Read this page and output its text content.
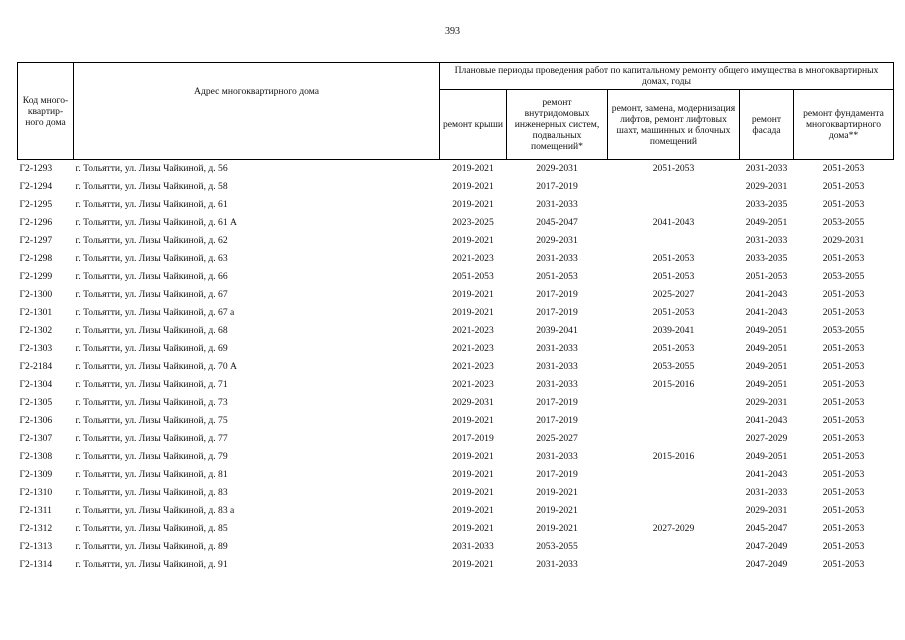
393
Код много-квартир-ного дома	Адрес многоквартирного дома	Плановые периоды проведения работ по капитальному ремонту общего имущества в многоквартирных домах, годы				
		ремонт крыши	ремонт внутридомовых инженерных систем, подвальных помещений*	ремонт, замена, модернизация лифтов, ремонт лифтовых шахт, машинных и блочных помещений	ремонт фасада	ремонт фундамента многоквартирного дома**
Г2-1293	г. Тольятти, ул. Лизы Чайкиной, д. 56	2019-2021	2029-2031	2051-2053	2031-2033	2051-2053
Г2-1294	г. Тольятти, ул. Лизы Чайкиной, д. 58	2019-2021	2017-2019		2029-2031	2051-2053
Г2-1295	г. Тольятти, ул. Лизы Чайкиной, д. 61	2019-2021	2031-2033		2033-2035	2051-2053
Г2-1296	г. Тольятти, ул. Лизы Чайкиной, д. 61 А	2023-2025	2045-2047	2041-2043	2049-2051	2053-2055
Г2-1297	г. Тольятти, ул. Лизы Чайкиной, д. 62	2019-2021	2029-2031		2031-2033	2029-2031
Г2-1298	г. Тольятти, ул. Лизы Чайкиной, д. 63	2021-2023	2031-2033	2051-2053	2033-2035	2051-2053
Г2-1299	г. Тольятти, ул. Лизы Чайкиной, д. 66	2051-2053	2051-2053	2051-2053	2051-2053	2053-2055
Г2-1300	г. Тольятти, ул. Лизы Чайкиной, д. 67	2019-2021	2017-2019	2025-2027	2041-2043	2051-2053
Г2-1301	г. Тольятти, ул. Лизы Чайкиной, д. 67 а	2019-2021	2017-2019	2051-2053	2041-2043	2051-2053
Г2-1302	г. Тольятти, ул. Лизы Чайкиной, д. 68	2021-2023	2039-2041	2039-2041	2049-2051	2053-2055
Г2-1303	г. Тольятти, ул. Лизы Чайкиной, д. 69	2021-2023	2031-2033	2051-2053	2049-2051	2051-2053
Г2-2184	г. Тольятти, ул. Лизы Чайкиной, д. 70 А	2021-2023	2031-2033	2053-2055	2049-2051	2051-2053
Г2-1304	г. Тольятти, ул. Лизы Чайкиной, д. 71	2021-2023	2031-2033	2015-2016	2049-2051	2051-2053
Г2-1305	г. Тольятти, ул. Лизы Чайкиной, д. 73	2029-2031	2017-2019		2029-2031	2051-2053
Г2-1306	г. Тольятти, ул. Лизы Чайкиной, д. 75	2019-2021	2017-2019		2041-2043	2051-2053
Г2-1307	г. Тольятти, ул. Лизы Чайкиной, д. 77	2017-2019	2025-2027		2027-2029	2051-2053
Г2-1308	г. Тольятти, ул. Лизы Чайкиной, д. 79	2019-2021	2031-2033	2015-2016	2049-2051	2051-2053
Г2-1309	г. Тольятти, ул. Лизы Чайкиной, д. 81	2019-2021	2017-2019		2041-2043	2051-2053
Г2-1310	г. Тольятти, ул. Лизы Чайкиной, д. 83	2019-2021	2019-2021		2031-2033	2051-2053
Г2-1311	г. Тольятти, ул. Лизы Чайкиной, д. 83 а	2019-2021	2019-2021		2029-2031	2051-2053
Г2-1312	г. Тольятти, ул. Лизы Чайкиной, д. 85	2019-2021	2019-2021	2027-2029	2045-2047	2051-2053
Г2-1313	г. Тольятти, ул. Лизы Чайкиной, д. 89	2031-2033	2053-2055		2047-2049	2051-2053
Г2-1314	г. Тольятти, ул. Лизы Чайкиной, д. 91	2019-2021	2031-2033		2047-2049	2051-2053
